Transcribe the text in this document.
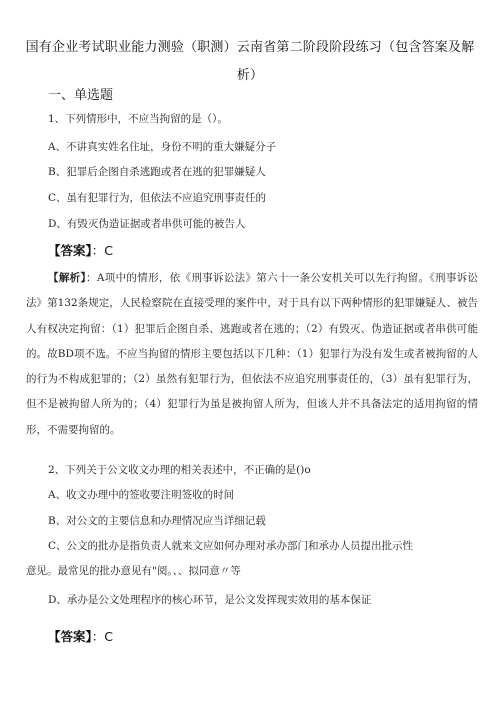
国有企业考试职业能力测验（职测）云南省第二阶段阶段练习（包含答案及解析）
一、单选题
1、下列情形中，不应当拘留的是（）。
A、不讲真实姓名住址，身份不明的重大嫌疑分子
B、犯罪后企图自杀逃跑或者在逃的犯罪嫌疑人
C、虽有犯罪行为，但依法不应追究刑事责任的
D、有毁灭伪造证据或者串供可能的被告人
【答案】：C
【解析】：A项中的情形，依《刑事诉讼法》第六十一条公安机关可以先行拘留。《刑事诉讼法》第132条规定，人民检察院在直接受理的案件中，对于具有以下两种情形的犯罪嫌疑人、被告人有权决定拘留：（1）犯罪后企图自杀、逃跑或者在逃的；（2）有毁灭、伪造证据或者串供可能的。故BD项不选。不应当拘留的情形主要包括以下几种：（1）犯罪行为没有发生或者被拘留的人的行为不构成犯罪的；（2）虽然有犯罪行为，但依法不应追究刑事责任的，（3）虽有犯罪行为，但不是被拘留人所为的；（4）犯罪行为虽是被拘留人所为，但该人并不具备法定的适用拘留的情形，不需要拘留的。
2、下列关于公文收文办理的相关表述中，不正确的是()o
A、收文办理中的签收要注明签收的时间
B、对公文的主要信息和办理情况应当详细记载
C、公文的批办是指负责人就来文应如何办理对承办部门和承办人员提出批示性
意见。最常见的批办意见有"阅。、、拟同意〃等
D、承办是公文处理程序的核心环节，是公文发挥现实效用的基本保证
【答案】：C
